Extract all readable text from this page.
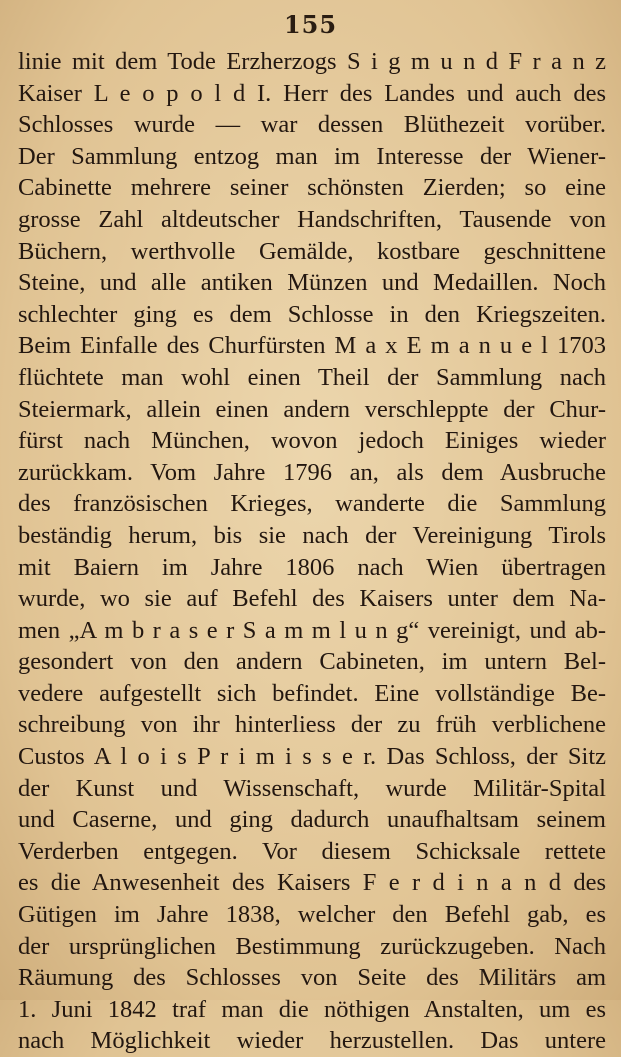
155
linie mit dem Tode Erzherzogs S i g m u n d F r a n z
Kaiser L e o p o l d I. Herr des Landes und auch des
Schlosses wurde — war dessen Blüthezeit vorüber.
Der Sammlung entzog man im Interesse der Wiener-
Cabinette mehrere seiner schönsten Zierden; so eine
grosse Zahl altdeutscher Handschriften, Tausende von
Büchern, werthvolle Gemälde, kostbare geschnittene
Steine, und alle antiken Münzen und Medaillen. Noch
schlechter ging es dem Schlosse in den Kriegszeiten.
Beim Einfalle des Churfürsten M a x E m a n u e l 1703
flüchtete man wohl einen Theil der Sammlung nach
Steiermark, allein einen andern verschleppte der Chur-
fürst nach München, wovon jedoch Einiges wieder
zurückkam. Vom Jahre 1796 an, als dem Ausbruche
des französischen Krieges, wanderte die Sammlung
beständig herum, bis sie nach der Vereinigung Tirols
mit Baiern im Jahre 1806 nach Wien übertragen
wurde, wo sie auf Befehl des Kaisers unter dem Na-
men „A m b r a s e r S a m m l u n g“ vereinigt, und ab-
gesondert von den andern Cabineten, im untern Bel-
vedere aufgestellt sich befindet. Eine vollständige Be-
schreibung von ihr hinterliess der zu früh verblichene
Custos A l o i s P r i m i s s e r. Das Schloss, der Sitz
der Kunst und Wissenschaft, wurde Militär-Spital
und Caserne, und ging dadurch unaufhaltsam seinem
Verderben entgegen. Vor diesem Schicksale rettete
es die Anwesenheit des Kaisers F e r d i n a n d des
Gütigen im Jahre 1838, welcher den Befehl gab, es
der ursprünglichen Bestimmung zurückzugeben. Nach
Räumung des Schlosses von Seite des Militärs am
1. Juni 1842 traf man die nöthigen Anstalten, um es
nach Möglichkeit wieder herzustellen. Das untere
